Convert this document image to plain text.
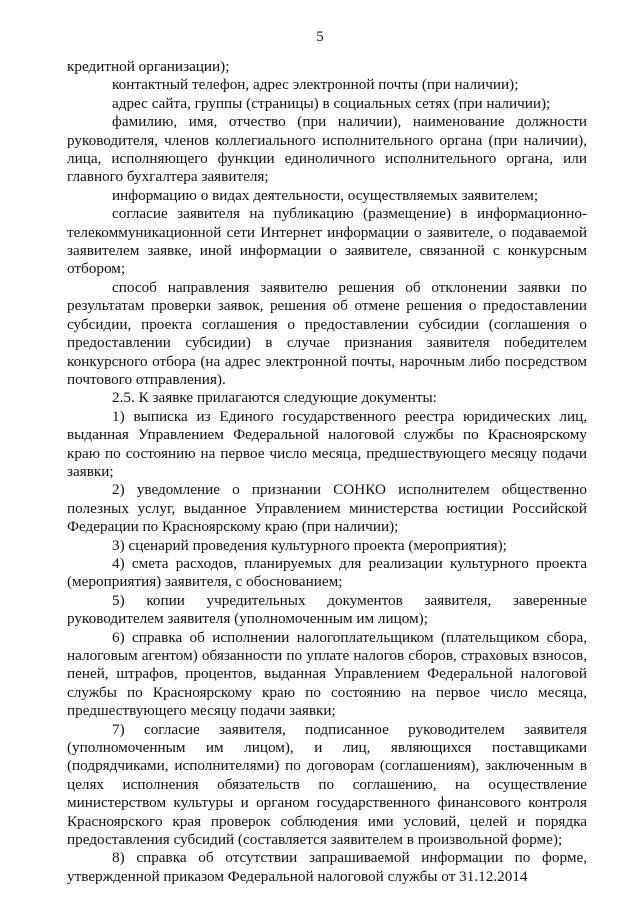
5

кредитной организации);

контактный телефон, адрес электронной почты (при наличии);

адрес сайта, группы (страницы) в социальных сетях (при наличии);

фамилию, имя, отчество (при наличии), наименование должности руководителя, членов коллегиального исполнительного органа (при наличии), лица, исполняющего функции единоличного исполнительного органа, или главного бухгалтера заявителя;

информацию о видах деятельности, осуществляемых заявителем;

согласие заявителя на публикацию (размещение) в информационно-телекоммуникационной сети Интернет информации о заявителе, о подаваемой заявителем заявке, иной информации о заявителе, связанной с конкурсным отбором;

способ направления заявителю решения об отклонении заявки по результатам проверки заявок, решения об отмене решения о предоставлении субсидии, проекта соглашения о предоставлении субсидии (соглашения о предоставлении субсидии) в случае признания заявителя победителем конкурсного отбора (на адрес электронной почты, нарочным либо посредством почтового отправления).

2.5. К заявке прилагаются следующие документы:

1) выписка из Единого государственного реестра юридических лиц, выданная Управлением Федеральной налоговой службы по Красноярскому краю по состоянию на первое число месяца, предшествующего месяцу подачи заявки;

2) уведомление о признании СОНКО исполнителем общественно полезных услуг, выданное Управлением министерства юстиции Российской Федерации по Красноярскому краю (при наличии);

3) сценарий проведения культурного проекта (мероприятия);

4) смета расходов, планируемых для реализации культурного проекта (мероприятия) заявителя, с обоснованием;

5) копии учредительных документов заявителя, заверенные руководителем заявителя (уполномоченным им лицом);

6) справка об исполнении налогоплательщиком (плательщиком сбора, налоговым агентом) обязанности по уплате налогов сборов, страховых взносов, пеней, штрафов, процентов, выданная Управлением Федеральной налоговой службы по Красноярскому краю по состоянию на первое число месяца, предшествующего месяцу подачи заявки;

7) согласие заявителя, подписанное руководителем заявителя (уполномоченным им лицом), и лиц, являющихся поставщиками (подрядчиками, исполнителями) по договорам (соглашениям), заключенным в целях исполнения обязательств по соглашению, на осуществление министерством культуры и органом государственного финансового контроля Красноярского края проверок соблюдения ими условий, целей и порядка предоставления субсидий (составляется заявителем в произвольной форме);

8) справка об отсутствии запрашиваемой информации по форме, утвержденной приказом Федеральной налоговой службы от 31.12.2014
